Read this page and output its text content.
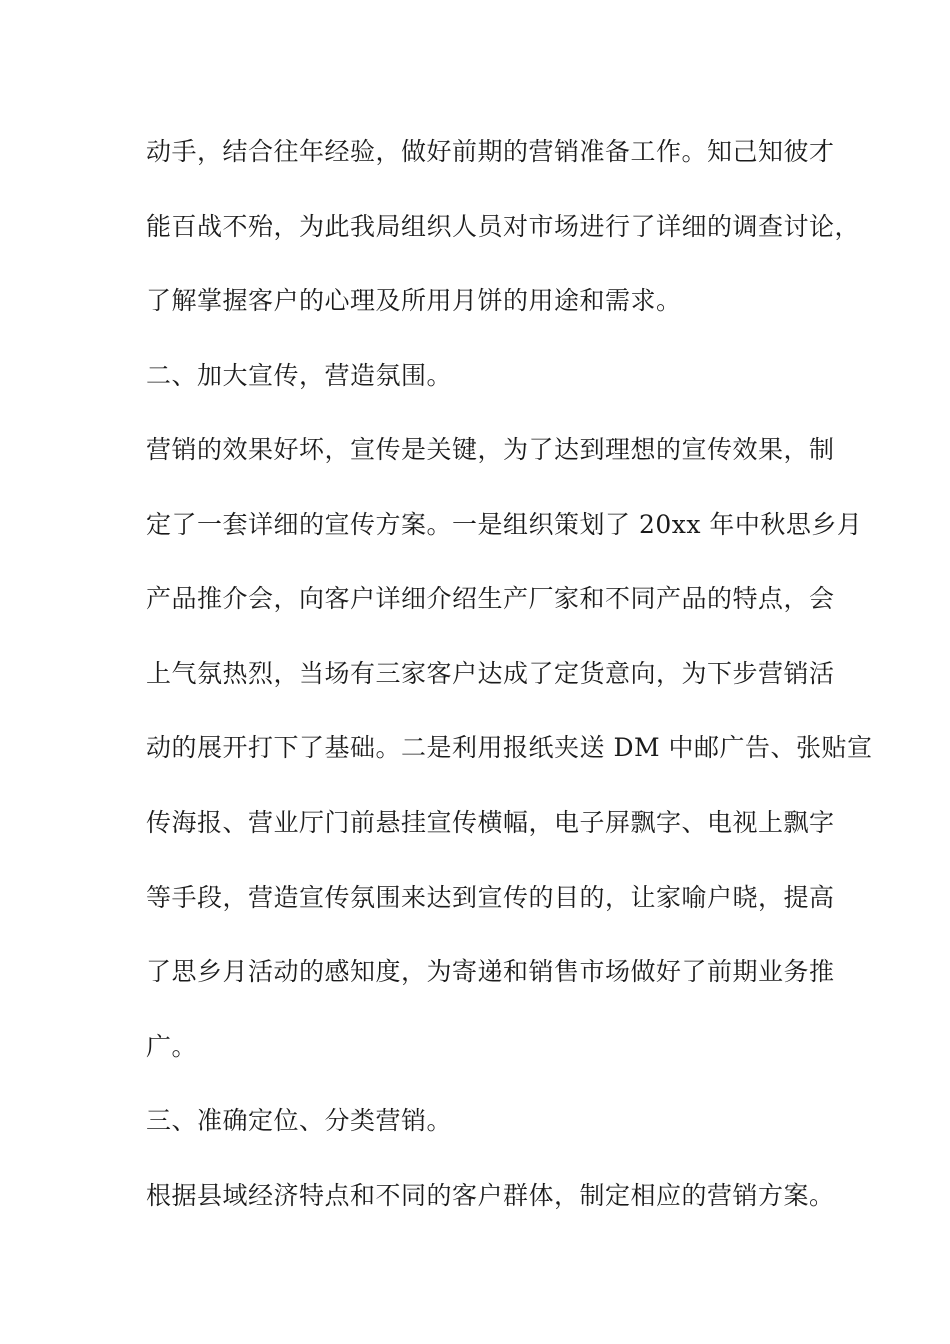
动手，结合往年经验，做好前期的营销准备工作。知己知彼才
能百战不殆，为此我局组织人员对市场进行了详细的调查讨论，
了解掌握客户的心理及所用月饼的用途和需求。
二、加大宣传，营造氛围。
营销的效果好坏，宣传是关键，为了达到理想的宣传效果，制
定了一套详细的宣传方案。一是组织策划了 20xx 年中秋思乡月
产品推介会，向客户详细介绍生产厂家和不同产品的特点，会
上气氛热烈，当场有三家客户达成了定货意向，为下步营销活
动的展开打下了基础。二是利用报纸夹送 DM 中邮广告、张贴宣
传海报、营业厅门前悬挂宣传横幅，电子屏飘字、电视上飘字
等手段，营造宣传氛围来达到宣传的目的，让家喻户晓，提高
了思乡月活动的感知度，为寄递和销售市场做好了前期业务推
广。
三、准确定位、分类营销。
根据县域经济特点和不同的客户群体，制定相应的营销方案。
